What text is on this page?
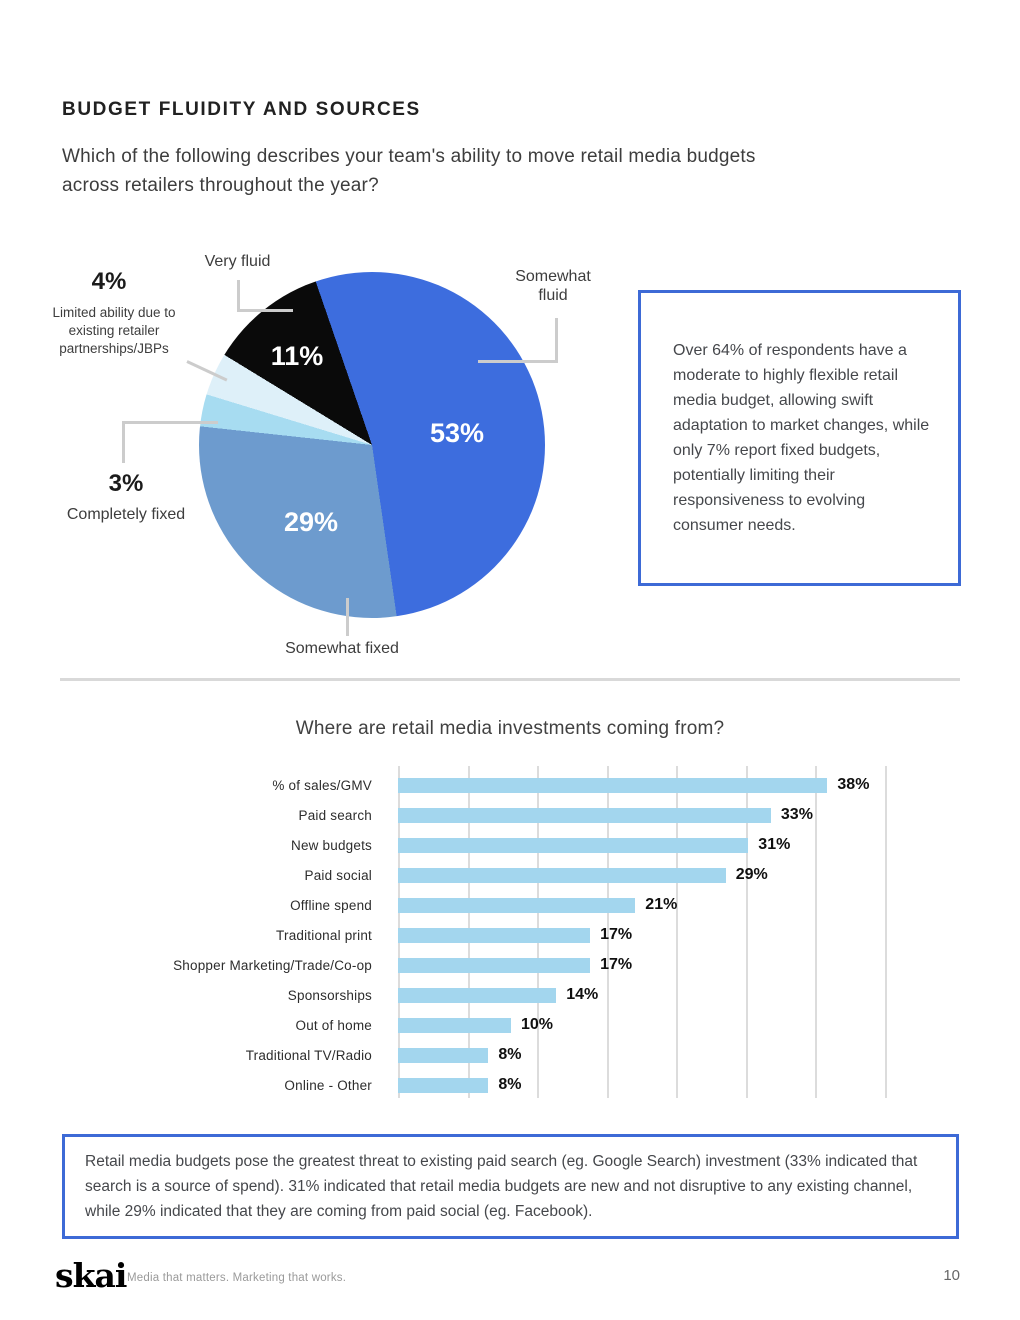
BUDGET FLUIDITY AND SOURCES

Which of the following describes your team's ability to move retail media budgets across retailers throughout the year?

53%
29%
11%
Very fluid
Somewhat fluid
Somewhat fixed
4%
Limited ability due to existing retailer partnerships/JBPs
3%
Completely fixed

Over 64% of respondents have a moderate to highly flexible retail media budget, allowing swift adaptation to market changes, while only 7% report fixed budgets, potentially limiting their responsiveness to evolving consumer needs.

Where are retail media investments coming from?
% of sales/GMV	38%
Paid search	33%
New budgets	31%
Paid social	29%
Offline spend	21%
Traditional print	17%
Shopper Marketing/Trade/Co-op	17%
Sponsorships	14%
Out of home	10%
Traditional TV/Radio	8%
Online - Other	8%

Retail media budgets pose the greatest threat to existing paid search (eg. Google Search) investment (33% indicated that search is a source of spend). 31% indicated that retail media budgets are new and not disruptive to any existing channel, while 29% indicated that they are coming from paid social (eg. Facebook).

skai Media that matters. Marketing that works.	10
